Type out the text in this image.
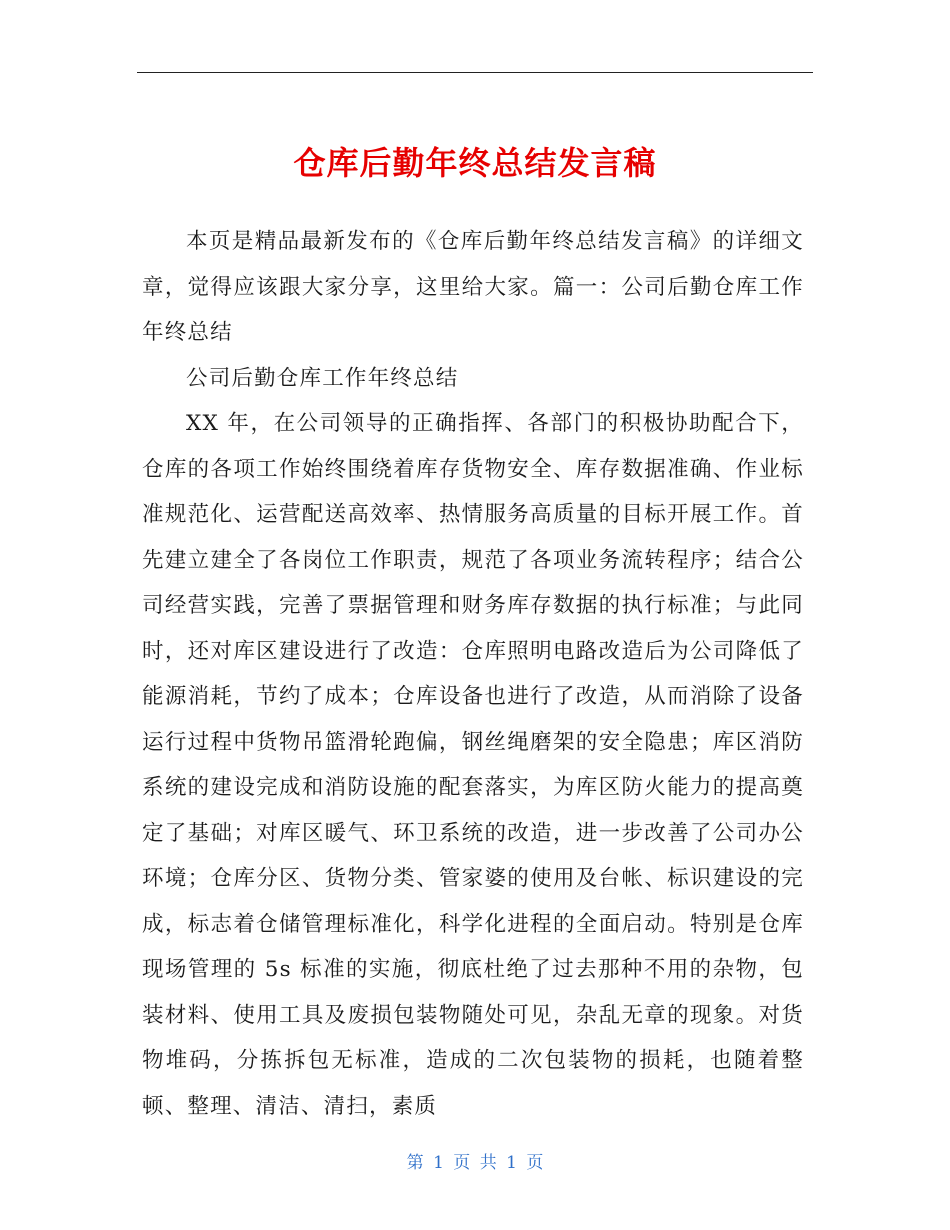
仓库后勤年终总结发言稿

本页是精品最新发布的《仓库后勤年终总结发言稿》的详细文章，觉得应该跟大家分享，这里给大家。篇一：公司后勤仓库工作年终总结

公司后勤仓库工作年终总结

XX 年，在公司领导的正确指挥、各部门的积极协助配合下，仓库的各项工作始终围绕着库存货物安全、库存数据准确、作业标准规范化、运营配送高效率、热情服务高质量的目标开展工作。首先建立建全了各岗位工作职责，规范了各项业务流转程序；结合公司经营实践，完善了票据管理和财务库存数据的执行标准；与此同时，还对库区建设进行了改造：仓库照明电路改造后为公司降低了能源消耗，节约了成本；仓库设备也进行了改造，从而消除了设备运行过程中货物吊篮滑轮跑偏，钢丝绳磨架的安全隐患；库区消防系统的建设完成和消防设施的配套落实，为库区防火能力的提高奠定了基础；对库区暖气、环卫系统的改造，进一步改善了公司办公环境；仓库分区、货物分类、管家婆的使用及台帐、标识建设的完成，标志着仓储管理标准化，科学化进程的全面启动。特别是仓库现场管理的 5s 标准的实施，彻底杜绝了过去那种不用的杂物，包装材料、使用工具及废损包装物随处可见，杂乱无章的现象。对货物堆码，分拣拆包无标准，造成的二次包装物的损耗，也随着整顿、整理、清洁、清扫，素质

第 1 页 共 1 页
